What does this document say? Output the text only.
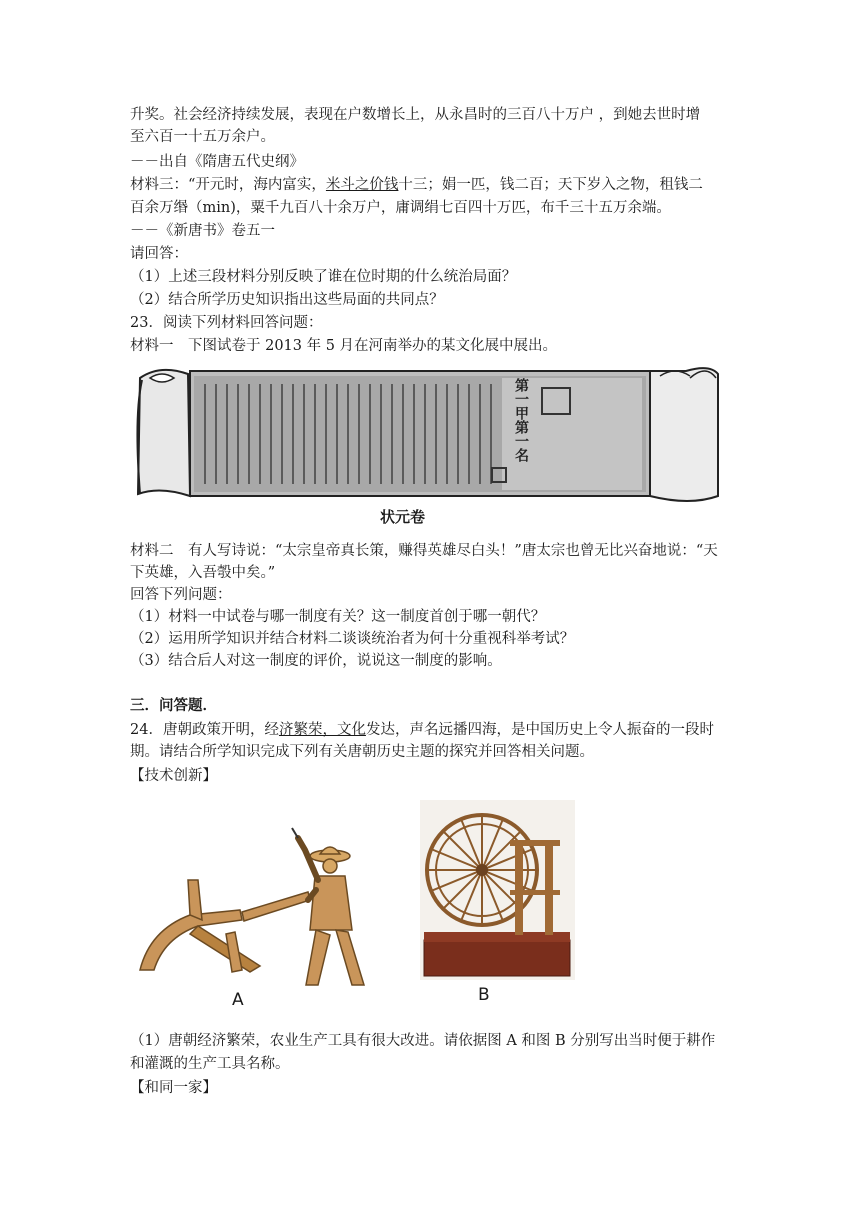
升奖。社会经济持续发展，表现在户数增长上，从永昌时的三百八十万户 ，到她去世时增
至六百一十五万余户。
－－出自《隋唐五代史纲》
材料三：“开元时，海内富实，米斗之价钱十三；娟一匹，钱二百；天下岁入之物，租钱二
百余万缗（min)，粟千九百八十余万户，庸调绢七百四十万匹，布千三十五万余端。
－－《新唐书》卷五一
请回答：
（1）上述三段材料分别反映了谁在位时期的什么统治局面？
（2）结合所学历史知识指出这些局面的共同点？
23．阅读下列材料回答问题：
材料一　下图试卷于 2013 年 5 月在河南举办的某文化展中展出。
第一甲第一名
状元卷
材料二　有人写诗说：“太宗皇帝真长策，赚得英雄尽白头！”唐太宗也曾无比兴奋地说：“天
下英雄，入吾彀中矣。”
回答下列问题：
（1）材料一中试卷与哪一制度有关？这一制度首创于哪一朝代？
（2）运用所学知识并结合材料二谈谈统治者为何十分重视科举考试？
（3）结合后人对这一制度的评价，说说这一制度的影响。
三．问答题．
24．唐朝政策开明，经济繁荣，文化发达，声名远播四海，是中国历史上令人振奋的一段时
期。请结合所学知识完成下列有关唐朝历史主题的探究并回答相关问题。
【技术创新】
A	B
（1）唐朝经济繁荣，农业生产工具有很大改进。请依据图 A 和图 B 分别写出当时便于耕作
和灌溉的生产工具名称。
【和同一家】
